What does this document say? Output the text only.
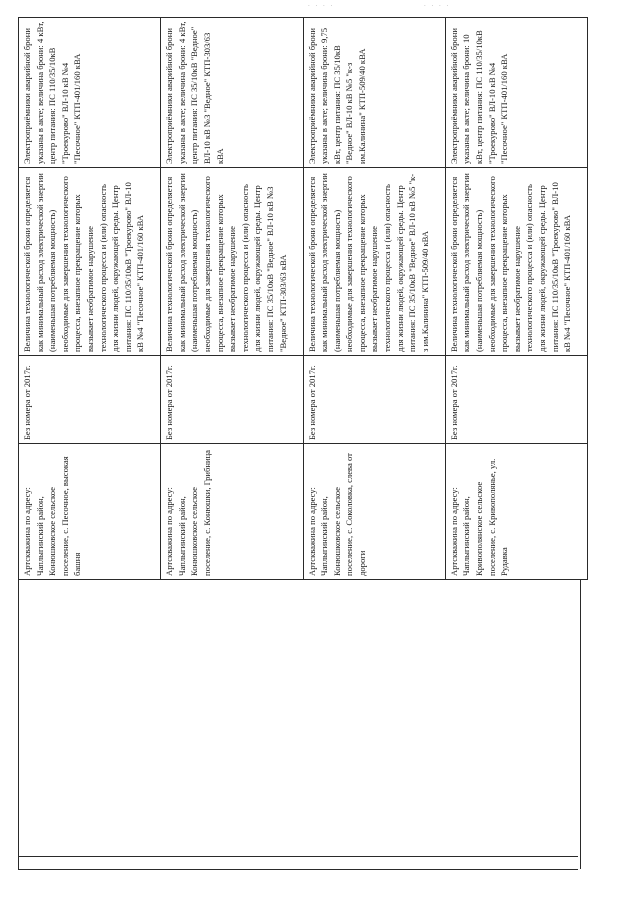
. . . .	. . . .
Артскважина по адресу: Чаплыгинский район, Конюшковское сельское поселение, с. Песочное, высокая башня	Без номера от 2017г.	Величина технологической брони определяется как минимальный расход электрической энергии (наименьшая потребляемая мощность) необходимые для завершения технологического процесса, внезапное прекращение которых вызывает необратимое нарушение технологического процесса и (или) опасность для жизни людей, окружающей среды. Центр питания: ПС 110/35/10кВ "Троекурово" ВЛ-10 кВ №4 "Песочное" КТП-401/160 кВА	Электроприёмники аварийной брони указаны в акте; величина брони: 4 кВт, центр питания: ПС 110/35/10кВ "Троекурово" ВЛ-10 кВ №4 "Песочное" КТП-401/160 кВА
Артскважина по адресу: Чаплыгинский район, Конюшковское сельское поселение, с. Конюшки, Грибница	Без номера от 2017г.	Величина технологической брони определяется как минимальный расход электрической энергии (наименьшая потребляемая мощность) необходимые для завершения технологического процесса, внезапное прекращение которых вызывает необратимое нарушение технологического процесса и (или) опасность для жизни людей, окружающей среды. Центр питания: ПС 35/10кВ "Ведное" ВЛ-10 кВ №3 "Ведное" КТП-303/63 кВА	Электроприёмники аварийной брони указаны в акте; величина брони: 4 кВт, центр питания: ПС 35/10кВ "Ведное" ВЛ-10 кВ №3 "Ведное" КТП-303/63 кВА
Артскважина по адресу: Чаплыгинский район, Конюшковское сельское поселение, с. Соколовка, слева от дороги	Без номера от 2017г.	Величина технологической брони определяется как минимальный расход электрической энергии (наименьшая потребляемая мощность) необходимые для завершения технологического процесса, внезапное прекращение которых вызывает необратимое нарушение технологического процесса и (или) опасность для жизни людей, окружающей среды. Центр питания: ПС 35/10кВ "Ведное" ВЛ-10 кВ №5 "к-з им.Калинина" КТП-509/40 кВА	Электроприёмники аварийной брони указаны в акте; величина брони: 9,75 кВт, центр питания: ПС 35/10кВ "Ведное" ВЛ-10 кВ №5 "к-з им.Калинина" КТП-509/40 кВА
Артскважина по адресу: Чаплыгинский район, Кривополянское сельское поселение, с. Кривополянье, ул. Рудавка	Без номера от 2017г.	Величина технологической брони определяется как минимальный расход электрической энергии (наименьшая потребляемая мощность) необходимые для завершения технологического процесса, внезапное прекращение которых вызывает необратимое нарушение технологического процесса и (или) опасность для жизни людей, окружающей среды. Центр питания: ПС 110/35/10кВ "Троекурово" ВЛ-10 кВ №4 "Песочное" КТП-401/160 кВА	Электроприёмники аварийной брони указаны в акте; величина брони: 10 кВт, центр питания: ПС 110/35/10кВ "Троекурово" ВЛ-10 кВ №4 "Песочное" КТП-401/160 кВА
